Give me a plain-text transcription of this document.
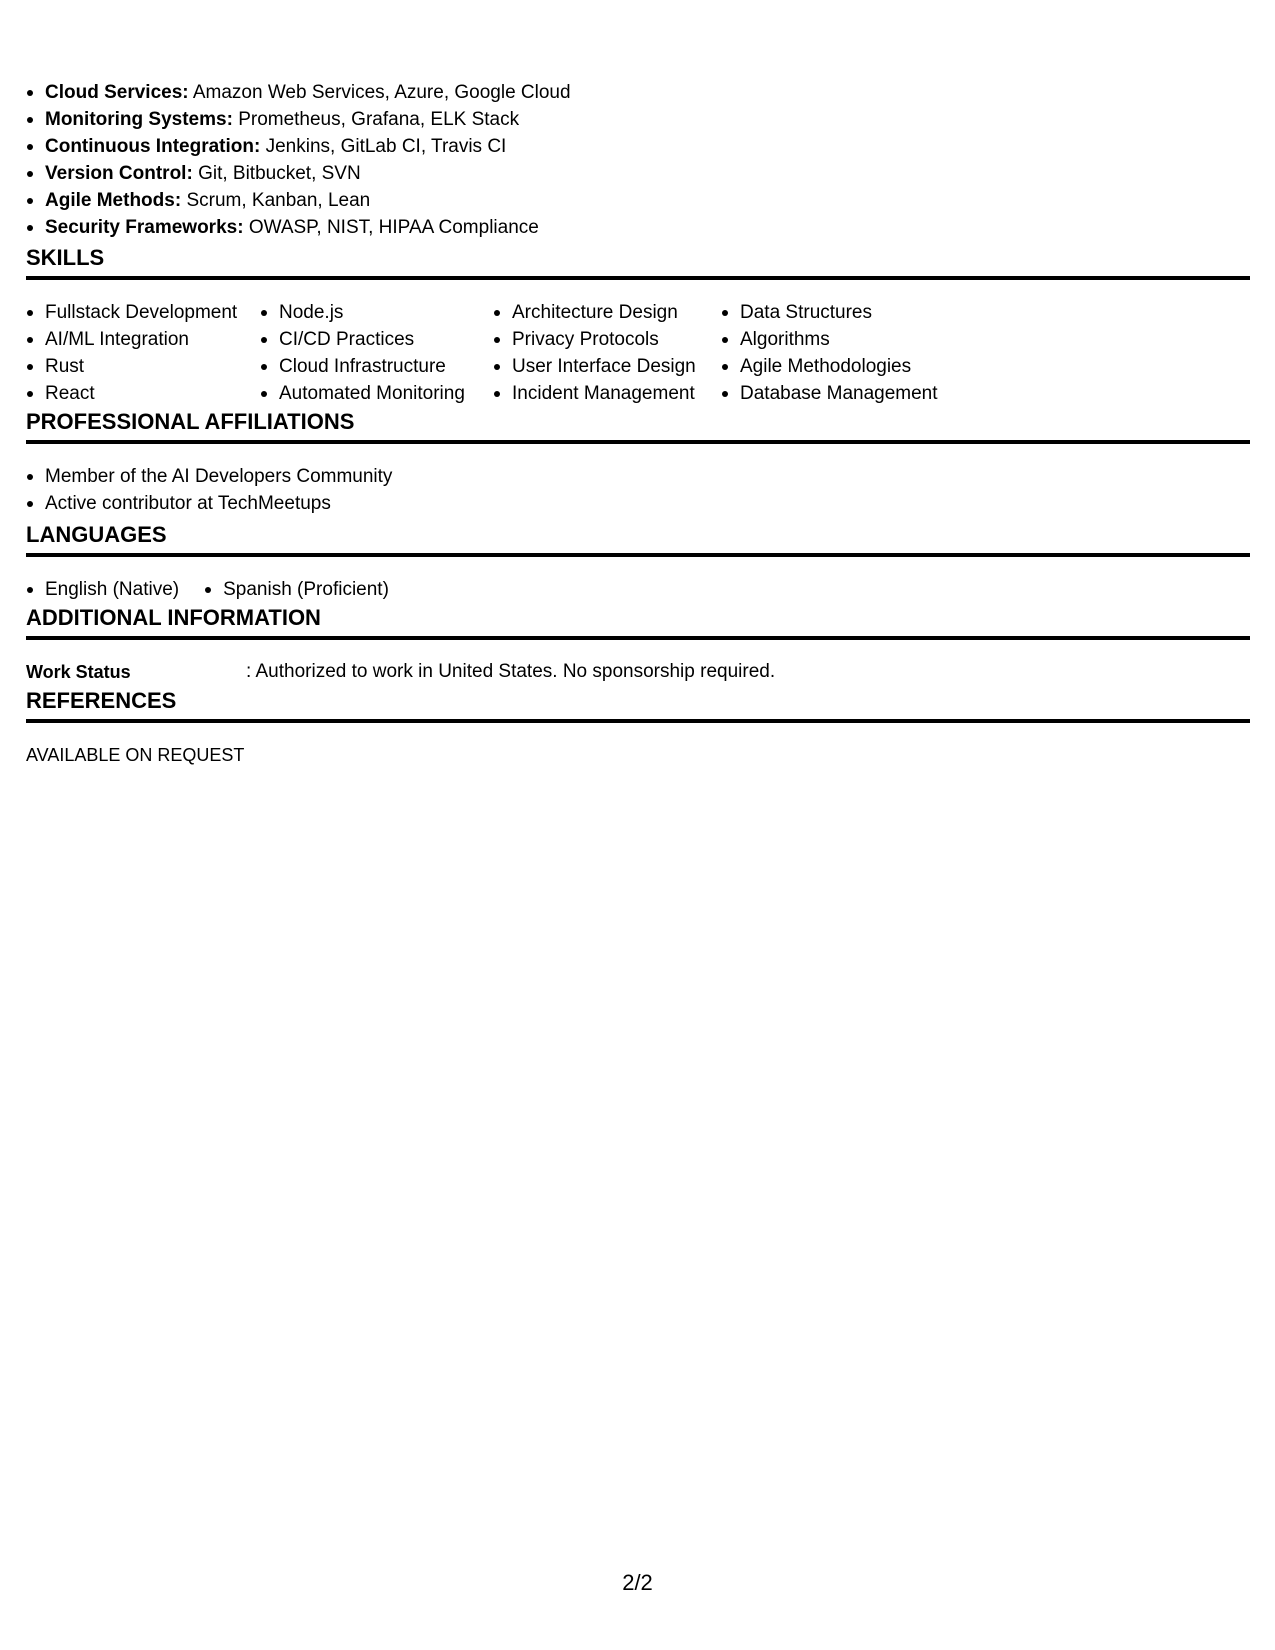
Cloud Services: Amazon Web Services, Azure, Google Cloud
Monitoring Systems: Prometheus, Grafana, ELK Stack
Continuous Integration: Jenkins, GitLab CI, Travis CI
Version Control: Git, Bitbucket, SVN
Agile Methods: Scrum, Kanban, Lean
Security Frameworks: OWASP, NIST, HIPAA Compliance
SKILLS
Fullstack Development
AI/ML Integration
Rust
React
Node.js
CI/CD Practices
Cloud Infrastructure
Automated Monitoring
Architecture Design
Privacy Protocols
User Interface Design
Incident Management
Data Structures
Algorithms
Agile Methodologies
Database Management
PROFESSIONAL AFFILIATIONS
Member of the AI Developers Community
Active contributor at TechMeetups
LANGUAGES
English (Native)	Spanish (Proficient)
ADDITIONAL INFORMATION
Work Status	: Authorized to work in United States. No sponsorship required.
REFERENCES
AVAILABLE ON REQUEST
2/2
